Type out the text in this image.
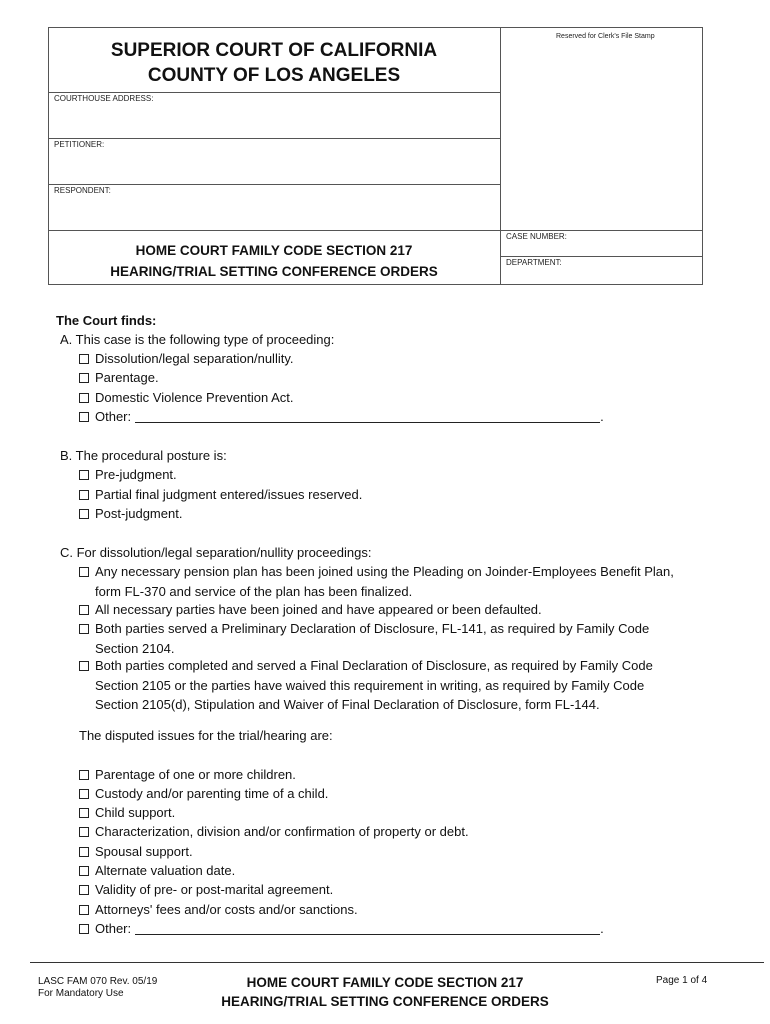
SUPERIOR COURT OF CALIFORNIA
COUNTY OF LOS ANGELES
Reserved for Clerk's File Stamp
COURTHOUSE ADDRESS:
PETITIONER:
RESPONDENT:
CASE NUMBER:
DEPARTMENT:
HOME COURT FAMILY CODE SECTION 217
HEARING/TRIAL SETTING CONFERENCE ORDERS
The Court finds:
A. This case is the following type of proceeding:
Dissolution/legal separation/nullity.
Parentage.
Domestic Violence Prevention Act.
Other:	.
B. The procedural posture is:
Pre-judgment.
Partial final judgment entered/issues reserved.
Post-judgment.
C. For dissolution/legal separation/nullity proceedings:
Any necessary pension plan has been joined using the Pleading on Joinder-Employees Benefit Plan,
form FL-370 and service of the plan has been finalized.
All necessary parties have been joined and have appeared or been defaulted.
Both parties served a Preliminary Declaration of Disclosure, FL-141, as required by Family Code
Section 2104.
Both parties completed and served a Final Declaration of Disclosure, as required by Family Code
Section 2105 or the parties have waived this requirement in writing, as required by Family Code
Section 2105(d), Stipulation and Waiver of Final Declaration of Disclosure, form FL-144.
The disputed issues for the trial/hearing are:
Parentage of one or more children.
Custody and/or parenting time of a child.
Child support.
Characterization, division and/or confirmation of property or debt.
Spousal support.
Alternate valuation date.
Validity of pre- or post-marital agreement.
Attorneys' fees and/or costs and/or sanctions.
Other:	.
LASC FAM 070 Rev. 05/19
For Mandatory Use
HOME COURT FAMILY CODE SECTION 217
HEARING/TRIAL SETTING CONFERENCE ORDERS
Page 1 of 4
